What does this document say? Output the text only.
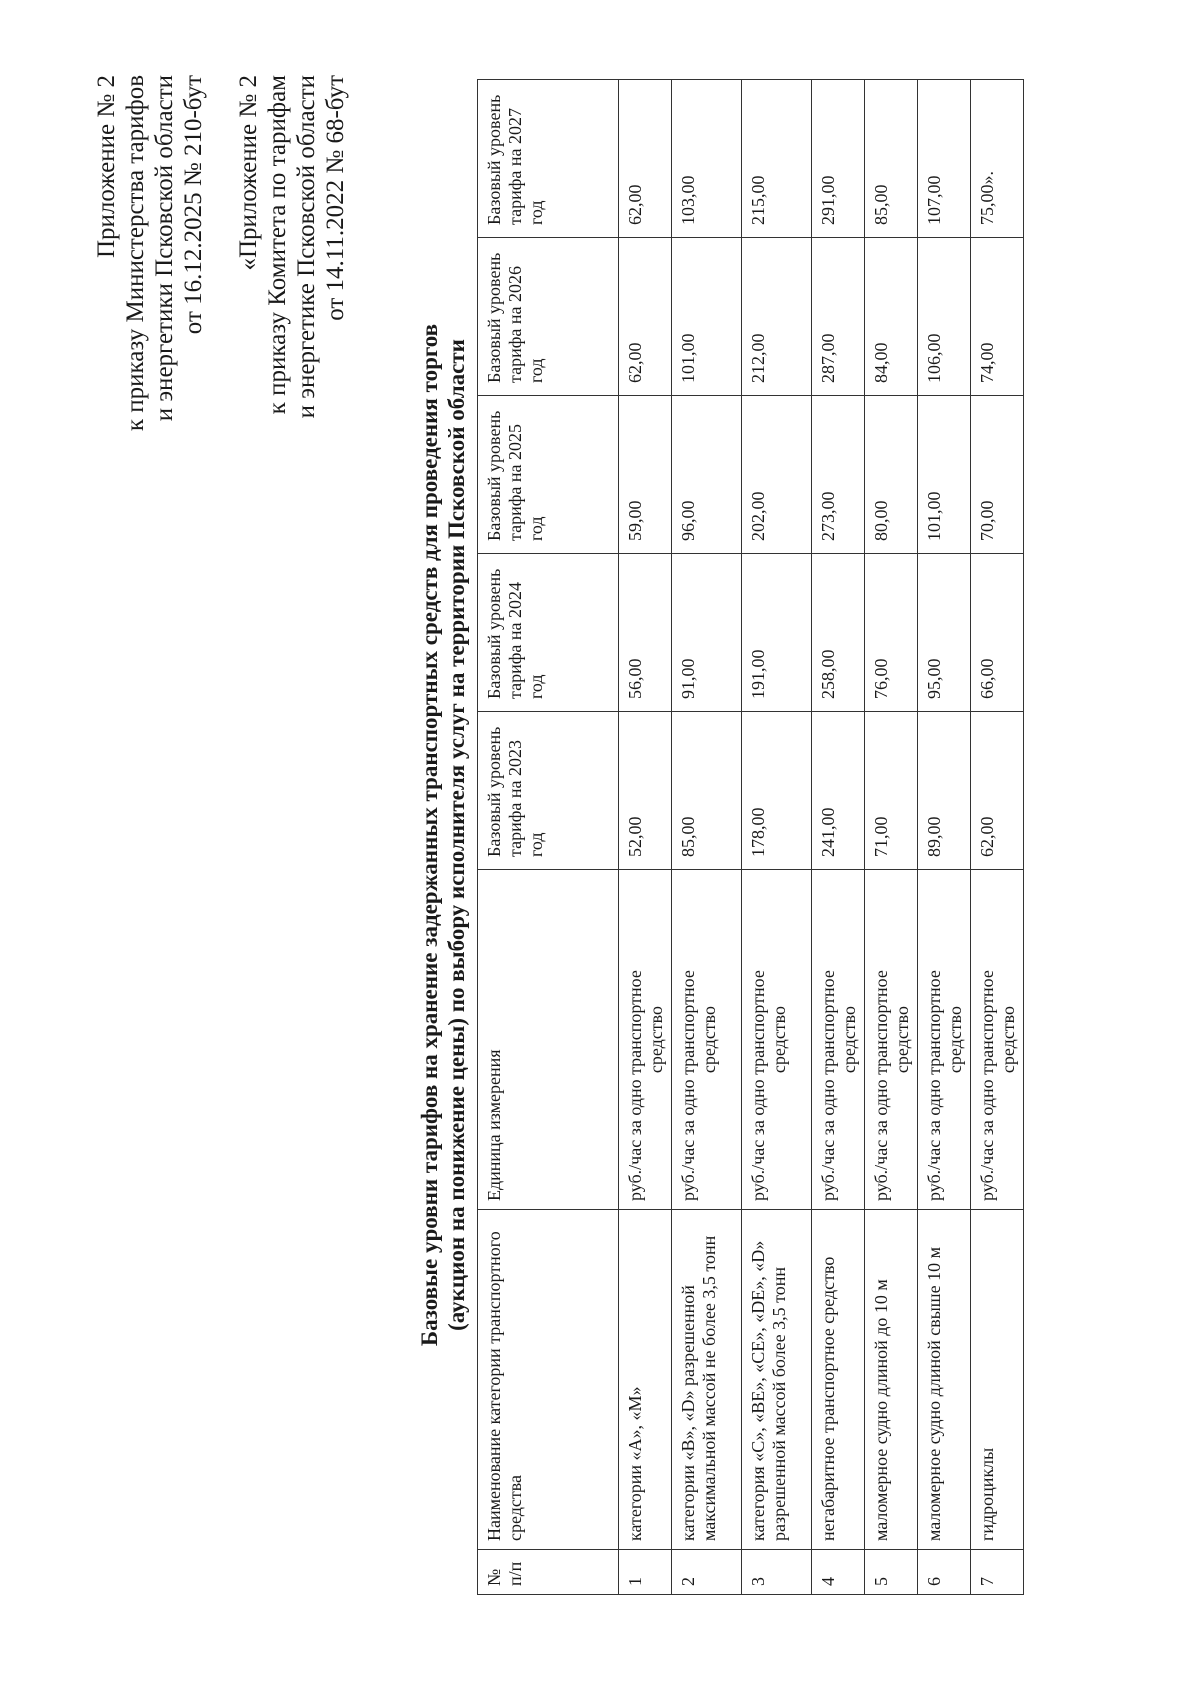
Приложение № 2 к приказу Министерства тарифов и энергетики Псковской области от 16.12.2025 № 210-бут «Приложение № 2 к приказу Комитета по тарифам и энергетике Псковской области от 14.11.2022 № 68-бут
Базовые уровни тарифов на хранение задержанных транспортных средств для проведения торгов (аукцион на понижение цены) по выбору исполнителя услуг на территории Псковской области
№ п/п	Наименование категории транспортного средства	Единица измерения	Базовый уровень тарифа на 2023 год	Базовый уровень тарифа на 2024 год	Базовый уровень тарифа на 2025 год	Базовый уровень тарифа на 2026 год	Базовый уровень тарифа на 2027 год
1	категории «А», «М»	руб./час за одно транспортное средство	52,00	56,00	59,00	62,00	62,00
2	категории «В», «D» разрешенной максимальной массой не более 3,5 тонн	руб./час за одно транспортное средство	85,00	91,00	96,00	101,00	103,00
3	категория «С», «ВЕ», «СЕ», «DE», «D» разрешенной массой более 3,5 тонн	руб./час за одно транспортное средство	178,00	191,00	202,00	212,00	215,00
4	негабаритное транспортное средство	руб./час за одно транспортное средство	241,00	258,00	273,00	287,00	291,00
5	маломерное судно длиной до 10 м	руб./час за одно транспортное средство	71,00	76,00	80,00	84,00	85,00
6	маломерное судно длиной свыше 10 м	руб./час за одно транспортное средство	89,00	95,00	101,00	106,00	107,00
7	гидроциклы	руб./час за одно транспортное средство	62,00	66,00	70,00	74,00	75,00».
